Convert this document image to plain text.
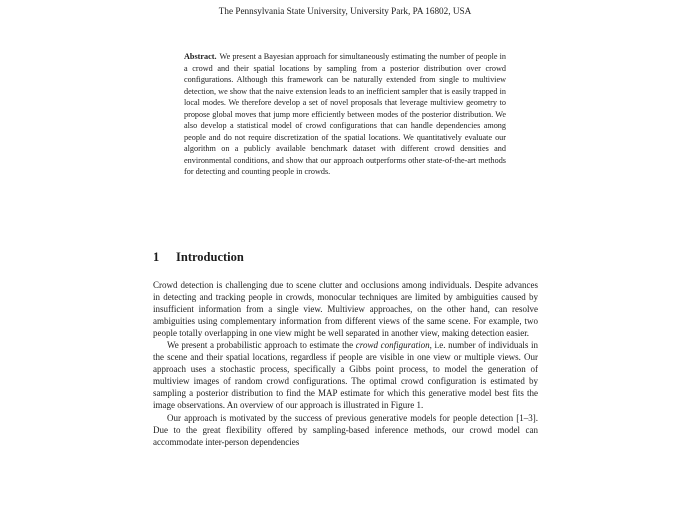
The Pennsylvania State University, University Park, PA 16802, USA
Abstract. We present a Bayesian approach for simultaneously estimating the number of people in a crowd and their spatial locations by sampling from a posterior distribution over crowd configurations. Although this framework can be naturally extended from single to multiview detection, we show that the naive extension leads to an inefficient sampler that is easily trapped in local modes. We therefore develop a set of novel proposals that leverage multiview geometry to propose global moves that jump more efficiently between modes of the posterior distribution. We also develop a statistical model of crowd configurations that can handle dependencies among people and do not require discretization of the spatial locations. We quantitatively evaluate our algorithm on a publicly available benchmark dataset with different crowd densities and environmental conditions, and show that our approach outperforms other state-of-the-art methods for detecting and counting people in crowds.
1 Introduction

Crowd detection is challenging due to scene clutter and occlusions among individuals. Despite advances in detecting and tracking people in crowds, monocular techniques are limited by ambiguities caused by insufficient information from a single view. Multiview approaches, on the other hand, can resolve ambiguities using complementary information from different views of the same scene. For example, two people totally overlapping in one view might be well separated in another view, making detection easier.

We present a probabilistic approach to estimate the crowd configuration, i.e. number of individuals in the scene and their spatial locations, regardless if people are visible in one view or multiple views. Our approach uses a stochastic process, specifically a Gibbs point process, to model the generation of multiview images of random crowd configurations. The optimal crowd configuration is estimated by sampling a posterior distribution to find the MAP estimate for which this generative model best fits the image observations. An overview of our approach is illustrated in Figure 1.

Our approach is motivated by the success of previous generative models for people detection [1–3]. Due to the great flexibility offered by sampling-based inference methods, our crowd model can accommodate inter-person dependencies
